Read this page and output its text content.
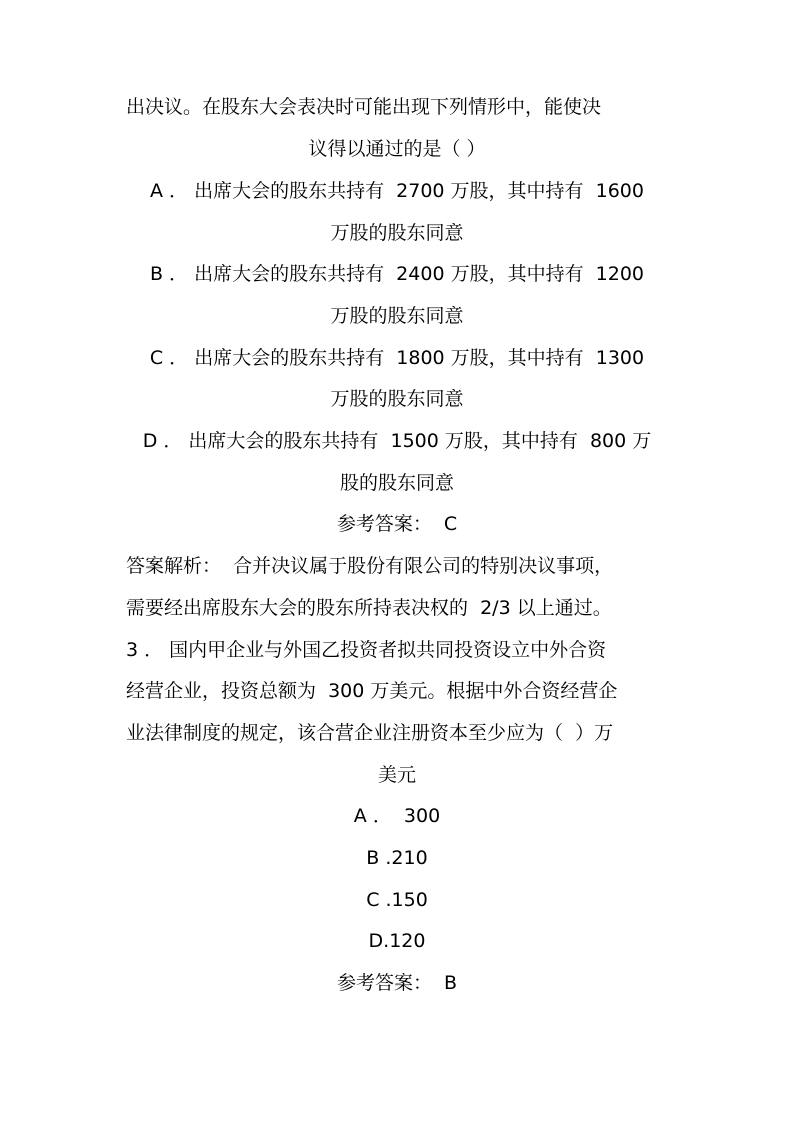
出决议。在股东大会表决时可能出现下列情形中，能使决
议得以通过的是（ ）
A ． 出席大会的股东共持有  2700 万股，其中持有  1600
万股的股东同意
B ． 出席大会的股东共持有  2400 万股，其中持有  1200
万股的股东同意
C ． 出席大会的股东共持有  1800 万股，其中持有  1300
万股的股东同意
D ． 出席大会的股东共持有  1500 万股，其中持有  800 万
股的股东同意
参考答案：  C
答案解析：  合并决议属于股份有限公司的特别决议事项，
需要经出席股东大会的股东所持表决权的  2/3 以上通过。
3 ． 国内甲企业与外国乙投资者拟共同投资设立中外合资
经营企业，投资总额为  300 万美元。根据中外合资经营企
业法律制度的规定，该合营企业注册资本至少应为（  ）万
美元
A ．  300
B .210
C .150
D.120
参考答案：  B
